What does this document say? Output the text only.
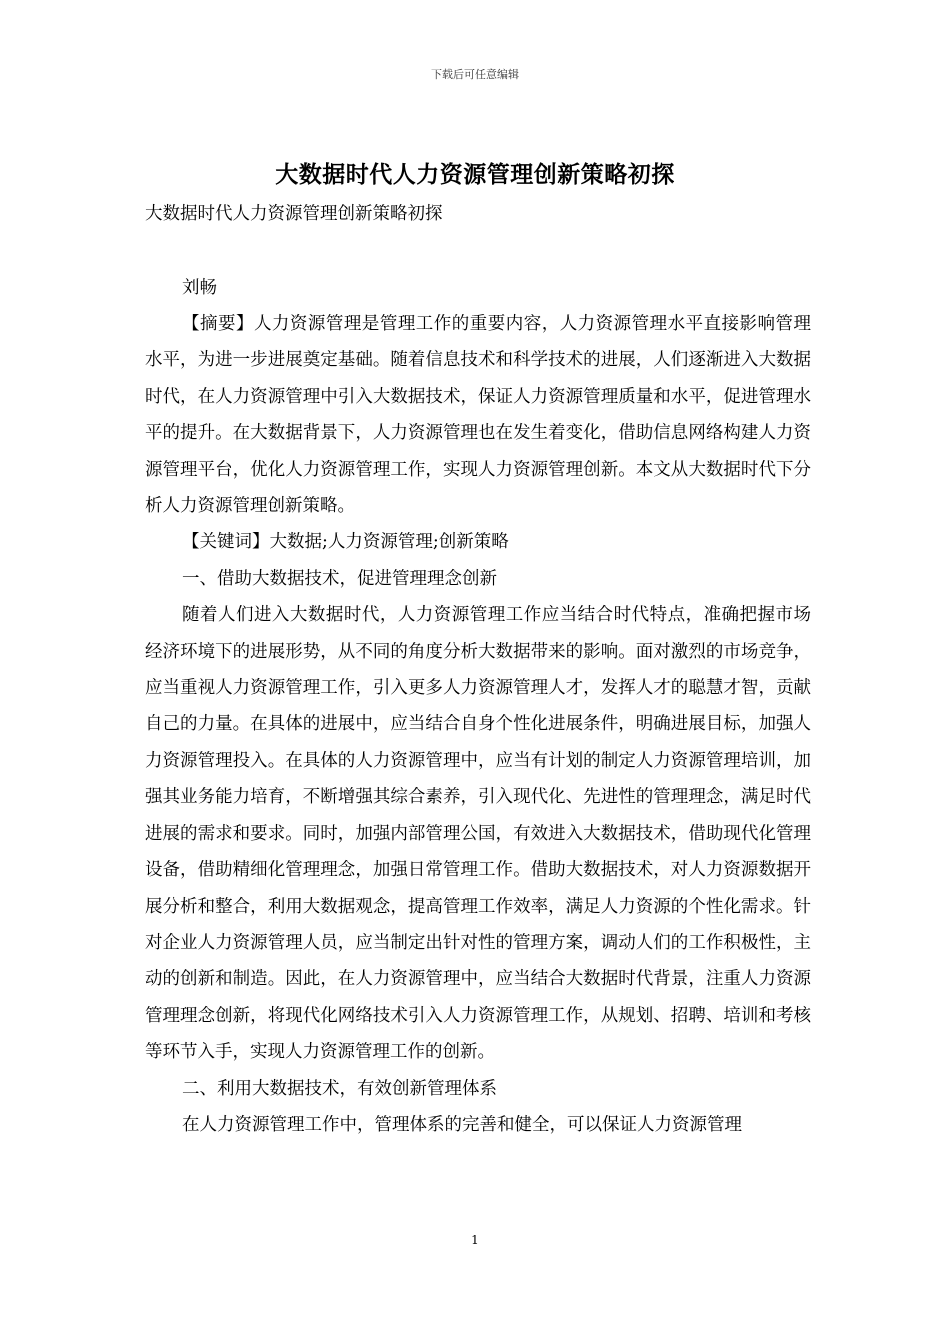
下载后可任意编辑
大数据时代人力资源管理创新策略初探
大数据时代人力资源管理创新策略初探
刘畅

【摘要】人力资源管理是管理工作的重要内容，人力资源管理水平直接影响管理水平，为进一步进展奠定基础。随着信息技术和科学技术的进展，人们逐渐进入大数据时代，在人力资源管理中引入大数据技术，保证人力资源管理质量和水平，促进管理水平的提升。在大数据背景下，人力资源管理也在发生着变化，借助信息网络构建人力资源管理平台，优化人力资源管理工作，实现人力资源管理创新。本文从大数据时代下分析人力资源管理创新策略。

【关键词】大数据;人力资源管理;创新策略

一、借助大数据技术，促进管理理念创新

随着人们进入大数据时代，人力资源管理工作应当结合时代特点，准确把握市场经济环境下的进展形势，从不同的角度分析大数据带来的影响。面对激烈的市场竞争，应当重视人力资源管理工作，引入更多人力资源管理人才，发挥人才的聪慧才智，贡献自己的力量。在具体的进展中，应当结合自身个性化进展条件，明确进展目标，加强人力资源管理投入。在具体的人力资源管理中，应当有计划的制定人力资源管理培训，加强其业务能力培育，不断增强其综合素养，引入现代化、先进性的管理理念，满足时代进展的需求和要求。同时，加强内部管理公国，有效进入大数据技术，借助现代化管理设备，借助精细化管理理念，加强日常管理工作。借助大数据技术，对人力资源数据开展分析和整合，利用大数据观念，提高管理工作效率，满足人力资源的个性化需求。针对企业人力资源管理人员，应当制定出针对性的管理方案，调动人们的工作积极性，主动的创新和制造。因此，在人力资源管理中，应当结合大数据时代背景，注重人力资源管理理念创新，将现代化网络技术引入人力资源管理工作，从规划、招聘、培训和考核等环节入手，实现人力资源管理工作的创新。

二、利用大数据技术，有效创新管理体系

在人力资源管理工作中，管理体系的完善和健全，可以保证人力资源管理

1
